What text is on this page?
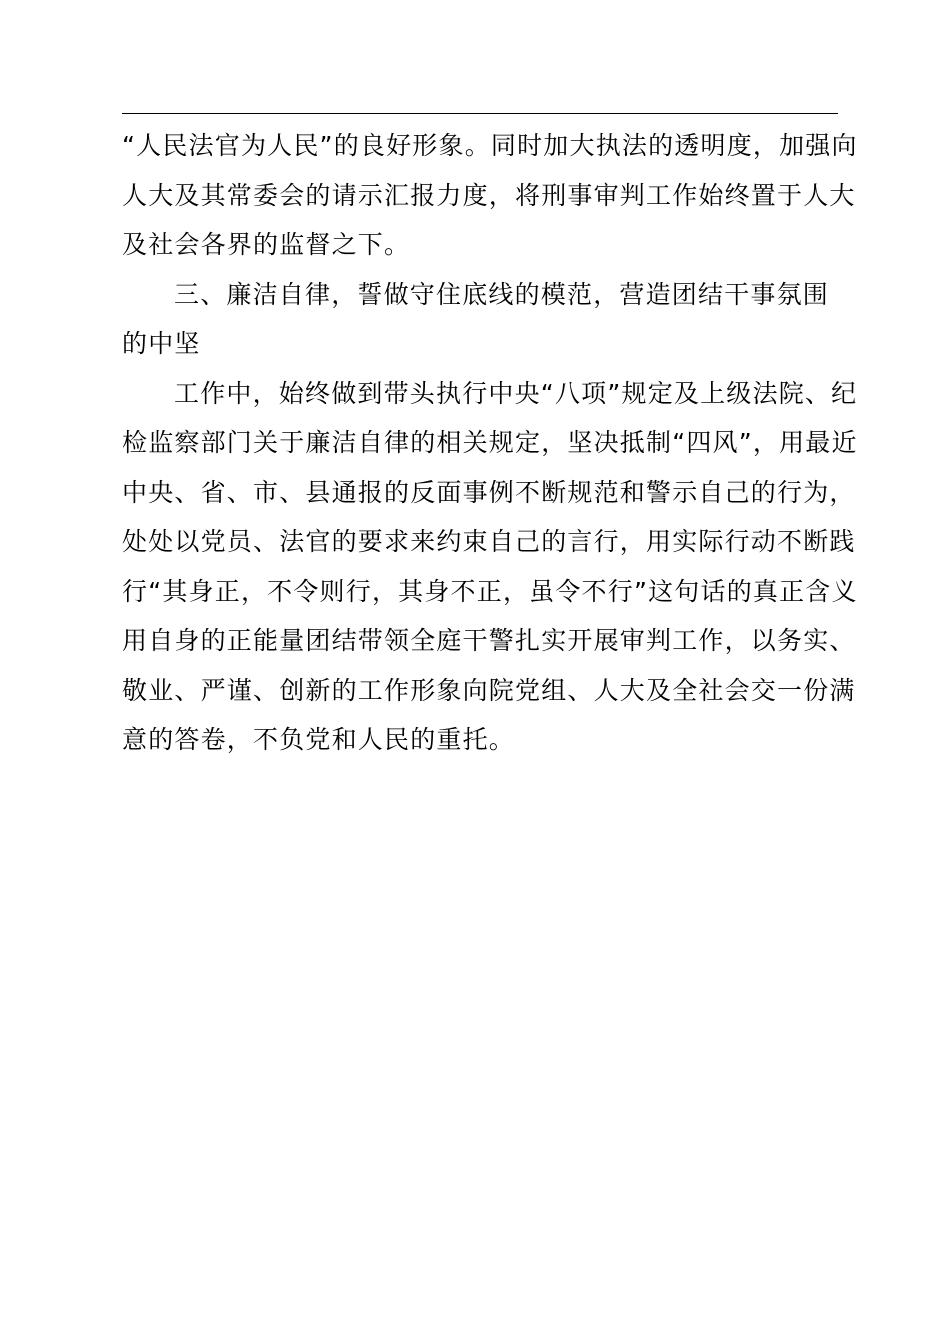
“人民法官为人民”的良好形象。同时加大执法的透明度，加强向
人大及其常委会的请示汇报力度，将刑事审判工作始终置于人大
及社会各界的监督之下。
三、廉洁自律，誓做守住底线的模范，营造团结干事氛围
的中坚
工作中，始终做到带头执行中央“八项”规定及上级法院、纪
检监察部门关于廉洁自律的相关规定，坚决抵制“四风”，用最近
中央、省、市、县通报的反面事例不断规范和警示自己的行为，
处处以党员、法官的要求来约束自己的言行，用实际行动不断践
行“其身正，不令则行，其身不正，虽令不行”这句话的真正含义
用自身的正能量团结带领全庭干警扎实开展审判工作，以务实、
敬业、严谨、创新的工作形象向院党组、人大及全社会交一份满
意的答卷，不负党和人民的重托。
